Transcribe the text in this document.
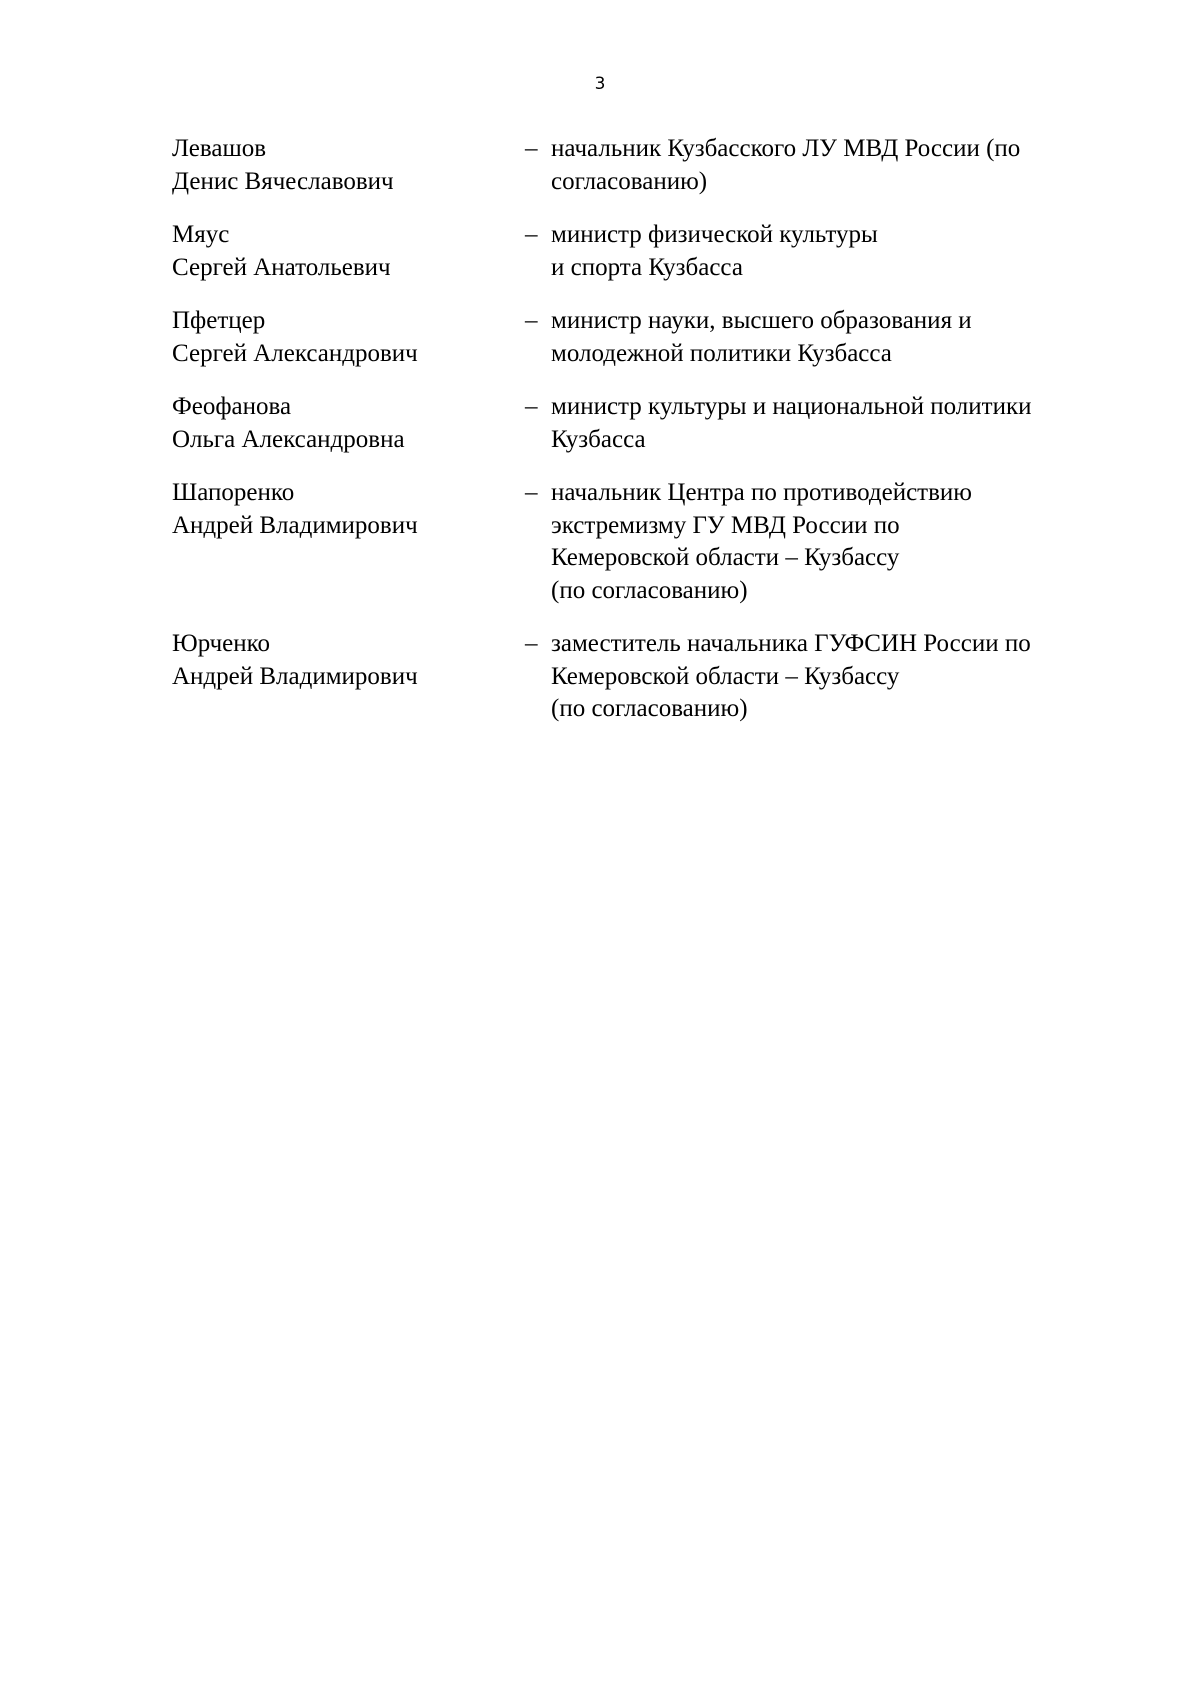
3
Левашов
Денис Вячеславович
– начальник Кузбасского ЛУ МВД России (по
согласованию)
Мяус
Сергей Анатольевич
– министр физической культуры
и спорта Кузбасса
Пфетцер
Сергей Александрович
– министр науки, высшего образования и
молодежной политики Кузбасса
Феофанова
Ольга Александровна
– министр культуры и национальной политики
Кузбасса
Шапоренко
Андрей Владимирович
– начальник Центра по противодействию
экстремизму ГУ МВД России по
Кемеровской области – Кузбассу
(по согласованию)
Юрченко
Андрей Владимирович
– заместитель начальника ГУФСИН России по
Кемеровской области – Кузбассу
(по согласованию)
